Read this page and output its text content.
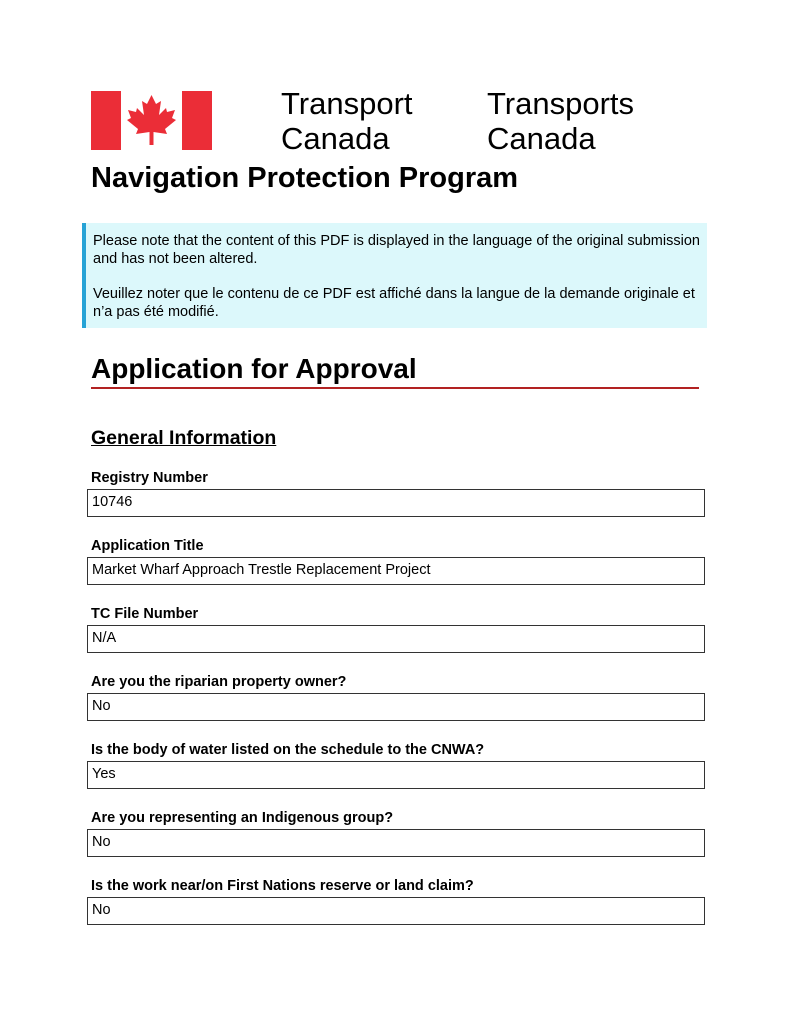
Transport
Canada
Transports
Canada
Navigation Protection Program

Please note that the content of this PDF is displayed in the language of the original submission and has not been altered.

Veuillez noter que le contenu de ce PDF est affiché dans la langue de la demande originale et n’a pas été modifié.

Application for Approval
General Information
Registry Number
10746
Application Title
Market Wharf Approach Trestle Replacement Project
TC File Number
N/A
Are you the riparian property owner?
No
Is the body of water listed on the schedule to the CNWA?
Yes
Are you representing an Indigenous group?
No
Is the work near/on First Nations reserve or land claim?
No
